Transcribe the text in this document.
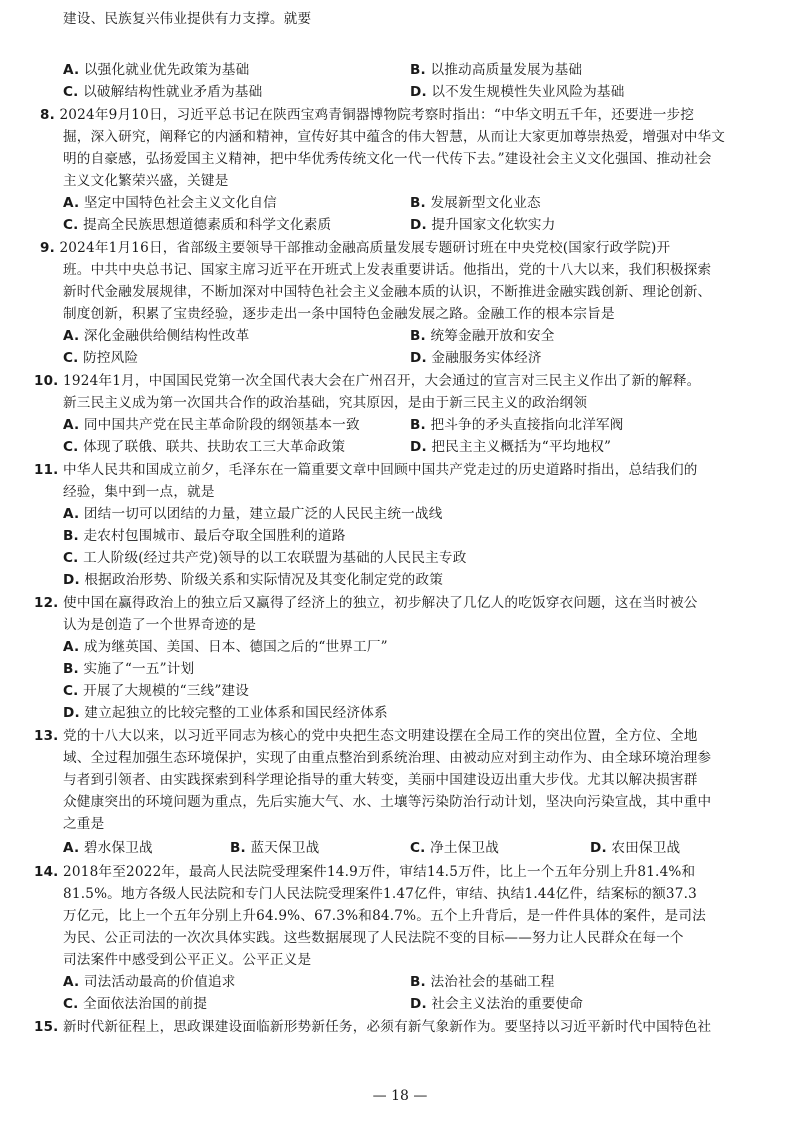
建设、民族复兴伟业提供有力支撑。就要
A. 以强化就业优先政策为基础	B. 以推动高质量发展为基础
C. 以破解结构性就业矛盾为基础	D. 以不发生规模性失业风险为基础
8. 2024年9月10日，习近平总书记在陕西宝鸡青铜器博物院考察时指出：“中华文明五千年，还要进一步挖
掘，深入研究，阐释它的内涵和精神，宣传好其中蕴含的伟大智慧，从而让大家更加尊崇热爱，增强对中华文
明的自豪感，弘扬爱国主义精神，把中华优秀传统文化一代一代传下去。”建设社会主义文化强国、推动社会
主义文化繁荣兴盛，关键是
A. 坚定中国特色社会主义文化自信	B. 发展新型文化业态
C. 提高全民族思想道德素质和科学文化素质	D. 提升国家文化软实力
9. 2024年1月16日，省部级主要领导干部推动金融高质量发展专题研讨班在中央党校(国家行政学院)开
班。中共中央总书记、国家主席习近平在开班式上发表重要讲话。他指出，党的十八大以来，我们积极探索
新时代金融发展规律，不断加深对中国特色社会主义金融本质的认识，不断推进金融实践创新、理论创新、
制度创新，积累了宝贵经验，逐步走出一条中国特色金融发展之路。金融工作的根本宗旨是
A. 深化金融供给侧结构性改革	B. 统筹金融开放和安全
C. 防控风险	D. 金融服务实体经济
10. 1924年1月，中国国民党第一次全国代表大会在广州召开，大会通过的宣言对三民主义作出了新的解释。
新三民主义成为第一次国共合作的政治基础，究其原因，是由于新三民主义的政治纲领
A. 同中国共产党在民主革命阶段的纲领基本一致	B. 把斗争的矛头直接指向北洋军阀
C. 体现了联俄、联共、扶助农工三大革命政策	D. 把民主主义概括为“平均地权”
11. 中华人民共和国成立前夕，毛泽东在一篇重要文章中回顾中国共产党走过的历史道路时指出，总结我们的
经验，集中到一点，就是
A. 团结一切可以团结的力量，建立最广泛的人民民主统一战线
B. 走农村包围城市、最后夺取全国胜利的道路
C. 工人阶级(经过共产党)领导的以工农联盟为基础的人民民主专政
D. 根据政治形势、阶级关系和实际情况及其变化制定党的政策
12. 使中国在赢得政治上的独立后又赢得了经济上的独立，初步解决了几亿人的吃饭穿衣问题，这在当时被公
认为是创造了一个世界奇迹的是
A. 成为继英国、美国、日本、德国之后的“世界工厂”
B. 实施了“一五”计划
C. 开展了大规模的“三线”建设
D. 建立起独立的比较完整的工业体系和国民经济体系
13. 党的十八大以来，以习近平同志为核心的党中央把生态文明建设摆在全局工作的突出位置，全方位、全地
域、全过程加强生态环境保护，实现了由重点整治到系统治理、由被动应对到主动作为、由全球环境治理参
与者到引领者、由实践探索到科学理论指导的重大转变，美丽中国建设迈出重大步伐。尤其以解决损害群
众健康突出的环境问题为重点，先后实施大气、水、土壤等污染防治行动计划，坚决向污染宣战，其中重中
之重是
A. 碧水保卫战	B. 蓝天保卫战	C. 净土保卫战	D. 农田保卫战
14. 2018年至2022年，最高人民法院受理案件14.9万件，审结14.5万件，比上一个五年分别上升81.4%和
81.5%。地方各级人民法院和专门人民法院受理案件1.47亿件，审结、执结1.44亿件，结案标的额37.3
万亿元，比上一个五年分别上升64.9%、67.3%和84.7%。五个上升背后，是一件件具体的案件，是司法
为民、公正司法的一次次具体实践。这些数据展现了人民法院不变的目标——努力让人民群众在每一个
司法案件中感受到公平正义。公平正义是
A. 司法活动最高的价值追求	B. 法治社会的基础工程
C. 全面依法治国的前提	D. 社会主义法治的重要使命
15. 新时代新征程上，思政课建设面临新形势新任务，必须有新气象新作为。要坚持以习近平新时代中国特色社
— 18 —
